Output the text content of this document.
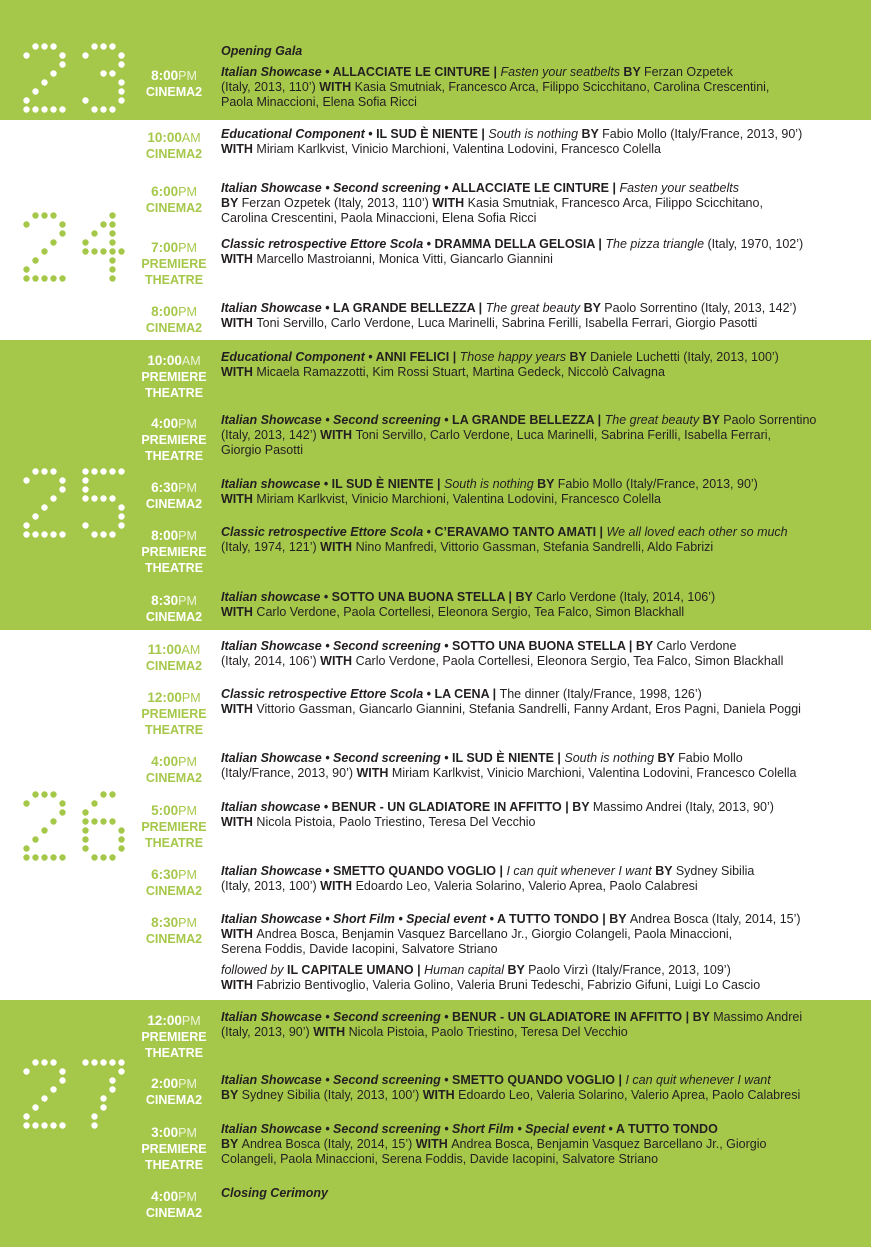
Opening Gala
8:00PM
CINEMA2
Italian Showcase • ALLACCIATE LE CINTURE | Fasten your seatbelts BY Ferzan Ozpetek
(Italy, 2013, 110’) WITH Kasia Smutniak, Francesco Arca, Filippo Scicchitano, Carolina Crescentini,
Paola Minaccioni, Elena Sofia Ricci
10:00AM
CINEMA2
Educational Component • IL SUD È NIENTE | South is nothing BY Fabio Mollo (Italy/France, 2013, 90’)
WITH Miriam Karlkvist, Vinicio Marchioni, Valentina Lodovini, Francesco Colella
6:00PM
CINEMA2
Italian Showcase • Second screening • ALLACCIATE LE CINTURE | Fasten your seatbelts
BY Ferzan Ozpetek (Italy, 2013, 110’) WITH Kasia Smutniak, Francesco Arca, Filippo Scicchitano,
Carolina Crescentini, Paola Minaccioni, Elena Sofia Ricci
7:00PM
PREMIERE
THEATRE
Classic retrospective Ettore Scola • DRAMMA DELLA GELOSIA | The pizza triangle (Italy, 1970, 102’)
WITH Marcello Mastroianni, Monica Vitti, Giancarlo Giannini
8:00PM
CINEMA2
Italian Showcase • LA GRANDE BELLEZZA | The great beauty BY Paolo Sorrentino (Italy, 2013, 142’)
WITH Toni Servillo, Carlo Verdone, Luca Marinelli, Sabrina Ferilli, Isabella Ferrari, Giorgio Pasotti
10:00AM
PREMIERE
THEATRE
Educational Component • ANNI FELICI | Those happy years BY Daniele Luchetti (Italy, 2013, 100’)
WITH Micaela Ramazzotti, Kim Rossi Stuart, Martina Gedeck, Niccolò Calvagna
4:00PM
PREMIERE
THEATRE
Italian Showcase • Second screening • LA GRANDE BELLEZZA | The great beauty BY Paolo Sorrentino
(Italy, 2013, 142’) WITH Toni Servillo, Carlo Verdone, Luca Marinelli, Sabrina Ferilli, Isabella Ferrari,
Giorgio Pasotti
6:30PM
CINEMA2
Italian showcase • IL SUD È NIENTE | South is nothing BY Fabio Mollo (Italy/France, 2013, 90’)
WITH Miriam Karlkvist, Vinicio Marchioni, Valentina Lodovini, Francesco Colella
8:00PM
PREMIERE
THEATRE
Classic retrospective Ettore Scola • C’ERAVAMO TANTO AMATI | We all loved each other so much
(Italy, 1974, 121’) WITH Nino Manfredi, Vittorio Gassman, Stefania Sandrelli, Aldo Fabrizi
8:30PM
CINEMA2
Italian showcase • SOTTO UNA BUONA STELLA | BY Carlo Verdone (Italy, 2014, 106’)
WITH Carlo Verdone, Paola Cortellesi, Eleonora Sergio, Tea Falco, Simon Blackhall
11:00AM
CINEMA2
Italian Showcase • Second screening • SOTTO UNA BUONA STELLA | BY Carlo Verdone
(Italy, 2014, 106’) WITH Carlo Verdone, Paola Cortellesi, Eleonora Sergio, Tea Falco, Simon Blackhall
12:00PM
PREMIERE
THEATRE
Classic retrospective Ettore Scola • LA CENA | The dinner (Italy/France, 1998, 126’)
WITH Vittorio Gassman, Giancarlo Giannini, Stefania Sandrelli, Fanny Ardant, Eros Pagni, Daniela Poggi
4:00PM
CINEMA2
Italian Showcase • Second screening • IL SUD È NIENTE | South is nothing BY Fabio Mollo
(Italy/France, 2013, 90’) WITH Miriam Karlkvist, Vinicio Marchioni, Valentina Lodovini, Francesco Colella
5:00PM
PREMIERE
THEATRE
Italian showcase • BENUR - UN GLADIATORE IN AFFITTO | BY Massimo Andrei (Italy, 2013, 90’)
WITH Nicola Pistoia, Paolo Triestino, Teresa Del Vecchio
6:30PM
CINEMA2
Italian Showcase • SMETTO QUANDO VOGLIO | I can quit whenever I want BY Sydney Sibilia
(Italy, 2013, 100’) WITH Edoardo Leo, Valeria Solarino, Valerio Aprea, Paolo Calabresi
8:30PM
CINEMA2
Italian Showcase • Short Film • Special event • A TUTTO TONDO | BY Andrea Bosca (Italy, 2014, 15’)
WITH Andrea Bosca, Benjamin Vasquez Barcellano Jr., Giorgio Colangeli, Paola Minaccioni,
Serena Foddis, Davide Iacopini, Salvatore Striano
followed by IL CAPITALE UMANO | Human capital BY Paolo Virzì (Italy/France, 2013, 109’)
WITH Fabrizio Bentivoglio, Valeria Golino, Valeria Bruni Tedeschi, Fabrizio Gifuni, Luigi Lo Cascio
12:00PM
PREMIERE
THEATRE
Italian Showcase • Second screening • BENUR - UN GLADIATORE IN AFFITTO | BY Massimo Andrei
(Italy, 2013, 90’) WITH Nicola Pistoia, Paolo Triestino, Teresa Del Vecchio
2:00PM
CINEMA2
Italian Showcase • Second screening • SMETTO QUANDO VOGLIO | I can quit whenever I want
BY Sydney Sibilia (Italy, 2013, 100’) WITH Edoardo Leo, Valeria Solarino, Valerio Aprea, Paolo Calabresi
3:00PM
PREMIERE
THEATRE
Italian Showcase • Second screening • Short Film • Special event • A TUTTO TONDO
BY Andrea Bosca (Italy, 2014, 15’) WITH Andrea Bosca, Benjamin Vasquez Barcellano Jr., Giorgio
Colangeli, Paola Minaccioni, Serena Foddis, Davide Iacopini, Salvatore Striano
4:00PM
CINEMA2
Closing Cerimony
